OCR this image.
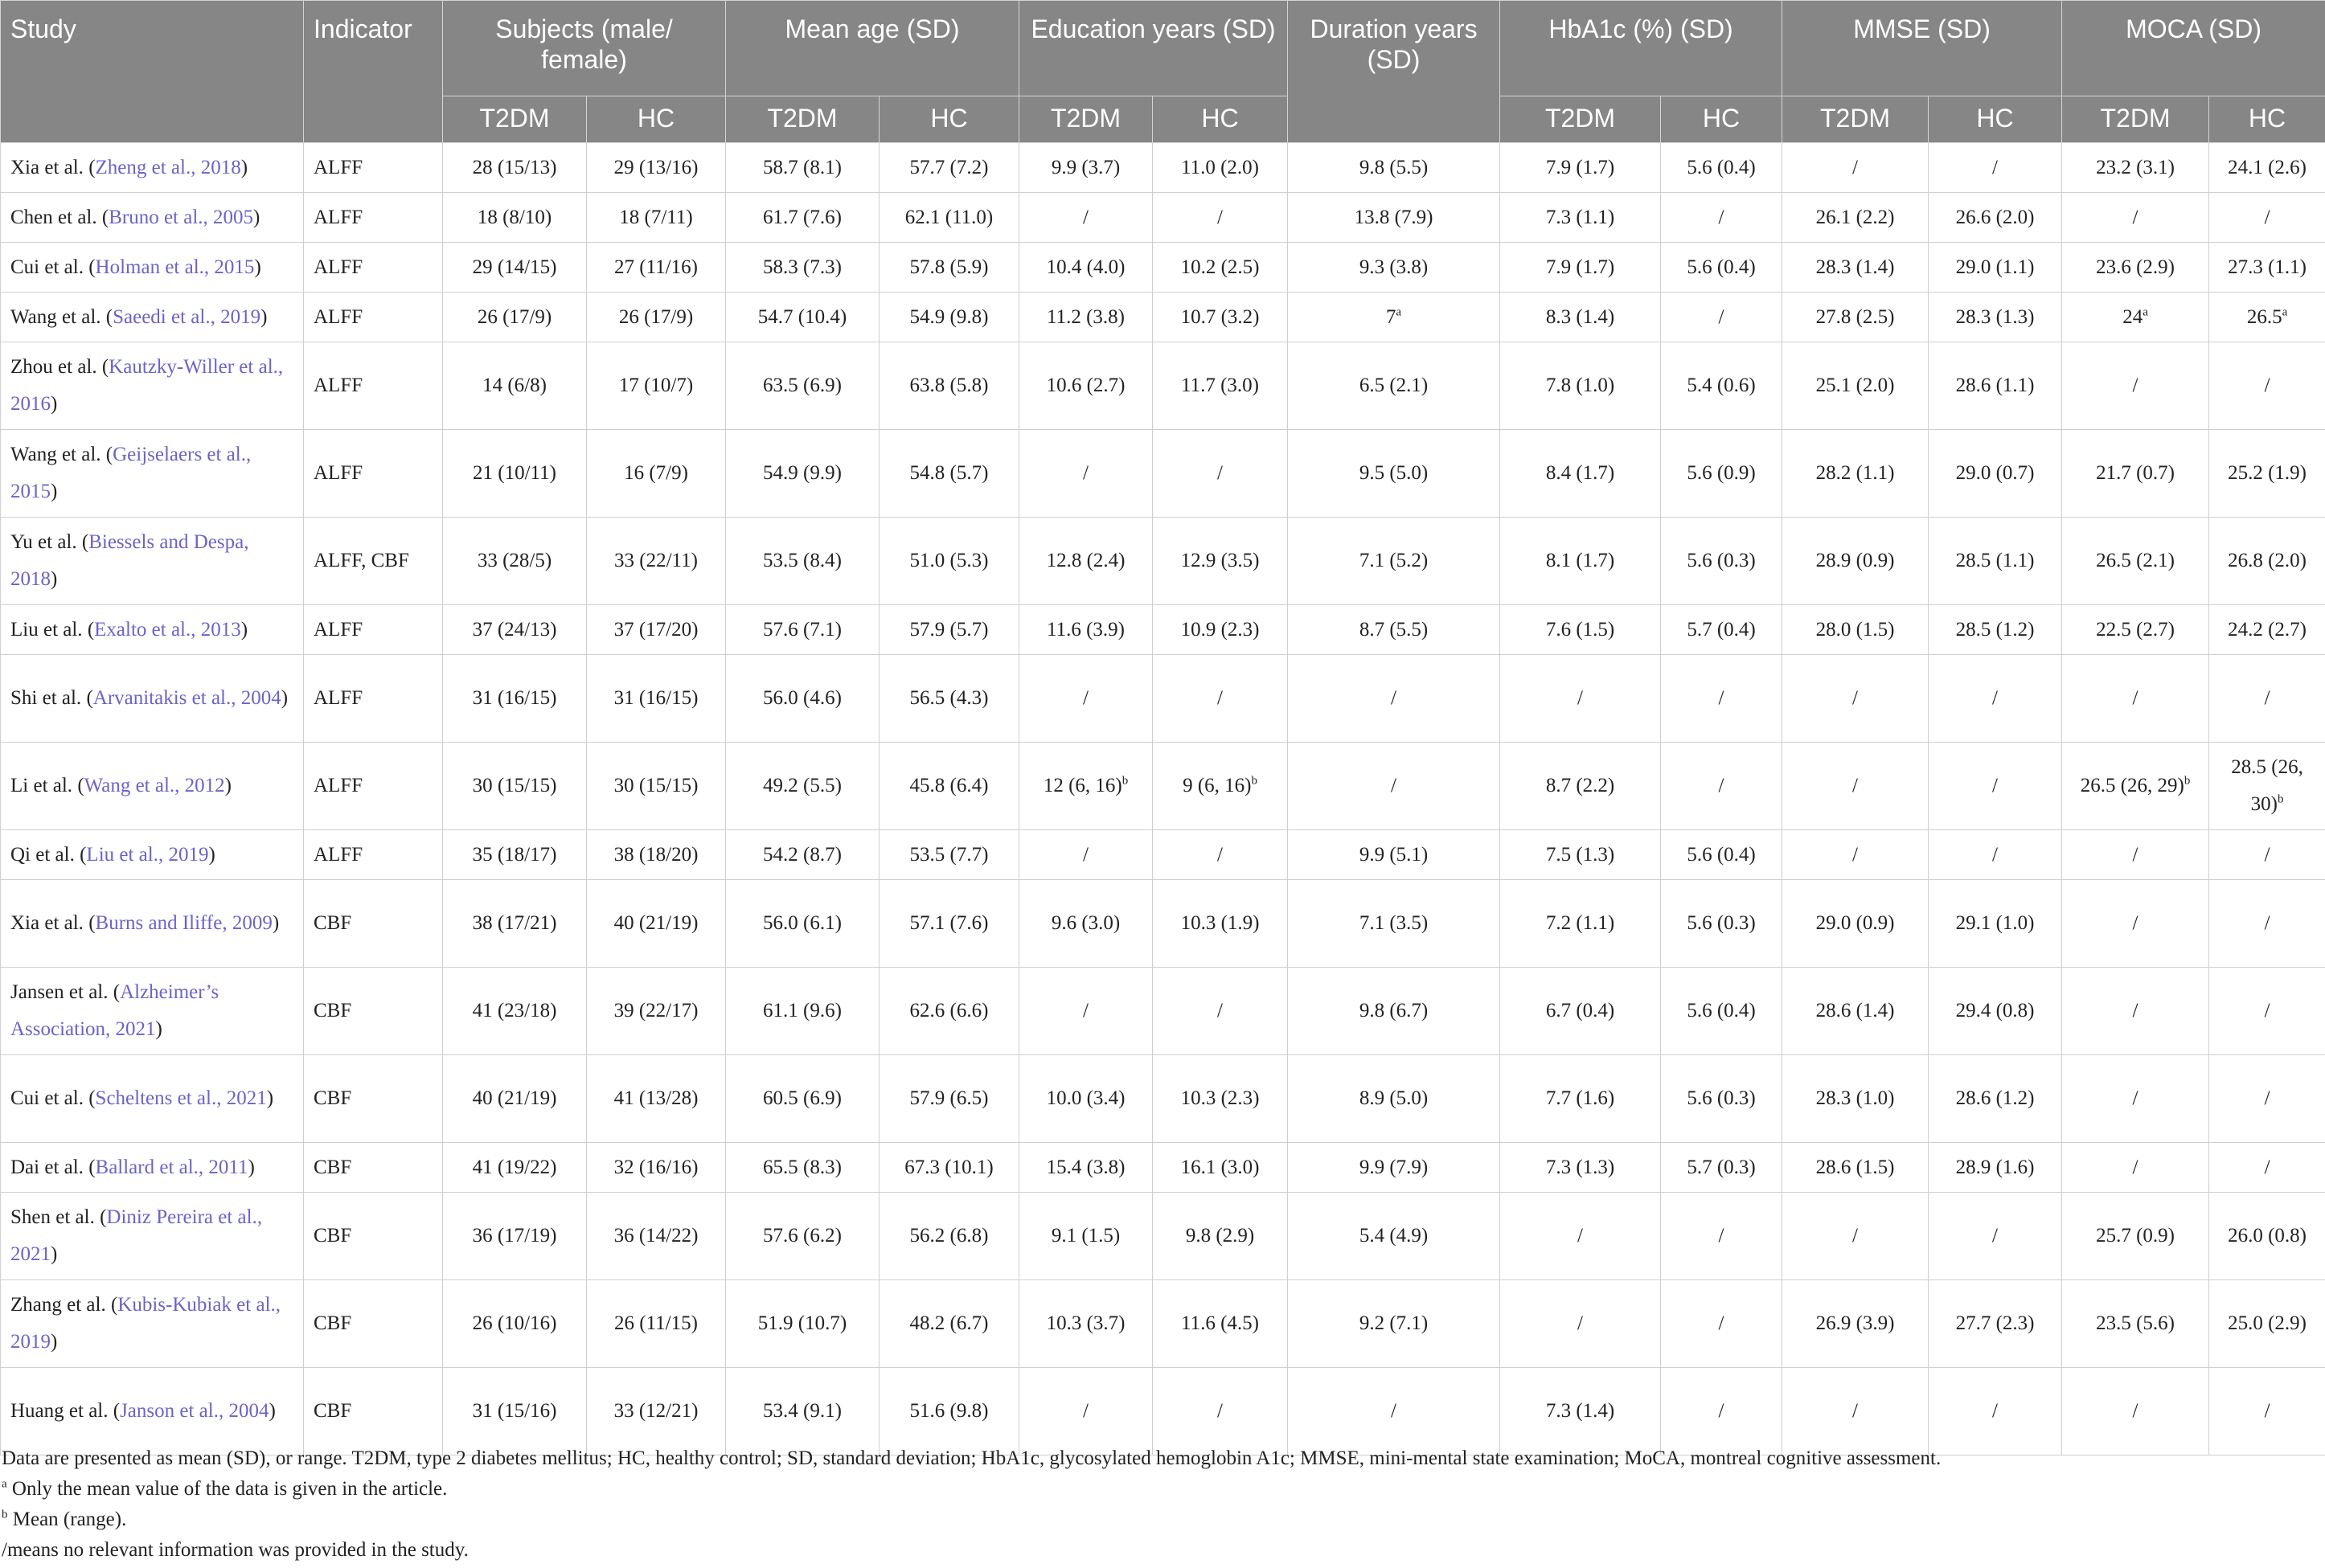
Study	Indicator	Subjects (male/ female)		Mean age (SD)		Education years (SD)		Duration years (SD)	HbA1c (%) (SD)		MMSE (SD)		MOCA (SD)	
		T2DM	HC	T2DM	HC	T2DM	HC		T2DM	HC	T2DM	HC	T2DM	HC
Xia et al. (Zheng et al., 2018)	ALFF	28 (15/13)	29 (13/16)	58.7 (8.1)	57.7 (7.2)	9.9 (3.7)	11.0 (2.0)	9.8 (5.5)	7.9 (1.7)	5.6 (0.4)	/	/	23.2 (3.1)	24.1 (2.6)
Chen et al. (Bruno et al., 2005)	ALFF	18 (8/10)	18 (7/11)	61.7 (7.6)	62.1 (11.0)	/	/	13.8 (7.9)	7.3 (1.1)	/	26.1 (2.2)	26.6 (2.0)	/	/
Cui et al. (Holman et al., 2015)	ALFF	29 (14/15)	27 (11/16)	58.3 (7.3)	57.8 (5.9)	10.4 (4.0)	10.2 (2.5)	9.3 (3.8)	7.9 (1.7)	5.6 (0.4)	28.3 (1.4)	29.0 (1.1)	23.6 (2.9)	27.3 (1.1)
Wang et al. (Saeedi et al., 2019)	ALFF	26 (17/9)	26 (17/9)	54.7 (10.4)	54.9 (9.8)	11.2 (3.8)	10.7 (3.2)	7$^a$	8.3 (1.4)	/	27.8 (2.5)	28.3 (1.3)	24$^a$	26.5$^a$
Zhou et al. (Kautzky-Willer et al., 2016)	ALFF	14 (6/8)	17 (10/7)	63.5 (6.9)	63.8 (5.8)	10.6 (2.7)	11.7 (3.0)	6.5 (2.1)	7.8 (1.0)	5.4 (0.6)	25.1 (2.0)	28.6 (1.1)	/	/
Wang et al. (Geijselaers et al., 2015)	ALFF	21 (10/11)	16 (7/9)	54.9 (9.9)	54.8 (5.7)	/	/	9.5 (5.0)	8.4 (1.7)	5.6 (0.9)	28.2 (1.1)	29.0 (0.7)	21.7 (0.7)	25.2 (1.9)
Yu et al. (Biessels and Despa, 2018)	ALFF, CBF	33 (28/5)	33 (22/11)	53.5 (8.4)	51.0 (5.3)	12.8 (2.4)	12.9 (3.5)	7.1 (5.2)	8.1 (1.7)	5.6 (0.3)	28.9 (0.9)	28.5 (1.1)	26.5 (2.1)	26.8 (2.0)
Liu et al. (Exalto et al., 2013)	ALFF	37 (24/13)	37 (17/20)	57.6 (7.1)	57.9 (5.7)	11.6 (3.9)	10.9 (2.3)	8.7 (5.5)	7.6 (1.5)	5.7 (0.4)	28.0 (1.5)	28.5 (1.2)	22.5 (2.7)	24.2 (2.7)
Shi et al. (Arvanitakis et al., 2004)	ALFF	31 (16/15)	31 (16/15)	56.0 (4.6)	56.5 (4.3)	/	/	/	/	/	/	/	/	/
Li et al. (Wang et al., 2012)	ALFF	30 (15/15)	30 (15/15)	49.2 (5.5)	45.8 (6.4)	12 (6, 16)$^b$	9 (6, 16)$^b$	/	8.7 (2.2)	/	/	/	26.5 (26, 29)$^b$	28.5 (26, 30)$^b$
Qi et al. (Liu et al., 2019)	ALFF	35 (18/17)	38 (18/20)	54.2 (8.7)	53.5 (7.7)	/	/	9.9 (5.1)	7.5 (1.3)	5.6 (0.4)	/	/	/	/
Xia et al. (Burns and Iliffe, 2009)	CBF	38 (17/21)	40 (21/19)	56.0 (6.1)	57.1 (7.6)	9.6 (3.0)	10.3 (1.9)	7.1 (3.5)	7.2 (1.1)	5.6 (0.3)	29.0 (0.9)	29.1 (1.0)	/	/
Jansen et al. (Alzheimer’s Association, 2021)	CBF	41 (23/18)	39 (22/17)	61.1 (9.6)	62.6 (6.6)	/	/	9.8 (6.7)	6.7 (0.4)	5.6 (0.4)	28.6 (1.4)	29.4 (0.8)	/	/
Cui et al. (Scheltens et al., 2021)	CBF	40 (21/19)	41 (13/28)	60.5 (6.9)	57.9 (6.5)	10.0 (3.4)	10.3 (2.3)	8.9 (5.0)	7.7 (1.6)	5.6 (0.3)	28.3 (1.0)	28.6 (1.2)	/	/
Dai et al. (Ballard et al., 2011)	CBF	41 (19/22)	32 (16/16)	65.5 (8.3)	67.3 (10.1)	15.4 (3.8)	16.1 (3.0)	9.9 (7.9)	7.3 (1.3)	5.7 (0.3)	28.6 (1.5)	28.9 (1.6)	/	/
Shen et al. (Diniz Pereira et al., 2021)	CBF	36 (17/19)	36 (14/22)	57.6 (6.2)	56.2 (6.8)	9.1 (1.5)	9.8 (2.9)	5.4 (4.9)	/	/	/	/	25.7 (0.9)	26.0 (0.8)
Zhang et al. (Kubis-Kubiak et al., 2019)	CBF	26 (10/16)	26 (11/15)	51.9 (10.7)	48.2 (6.7)	10.3 (3.7)	11.6 (4.5)	9.2 (7.1)	/	/	26.9 (3.9)	27.7 (2.3)	23.5 (5.6)	25.0 (2.9)
Huang et al. (Janson et al., 2004)	CBF	31 (15/16)	33 (12/21)	53.4 (9.1)	51.6 (9.8)	/	/	/	7.3 (1.4)	/	/	/	/	/
Data are presented as mean (SD), or range. T2DM, type 2 diabetes mellitus; HC, healthy control; SD, standard deviation; HbA1c, glycosylated hemoglobin A1c; MMSE, mini-mental state examination; MoCA, montreal cognitive assessment.
$^a$ Only the mean value of the data is given in the article.
$^b$ Mean (range).
/means no relevant information was provided in the study.
